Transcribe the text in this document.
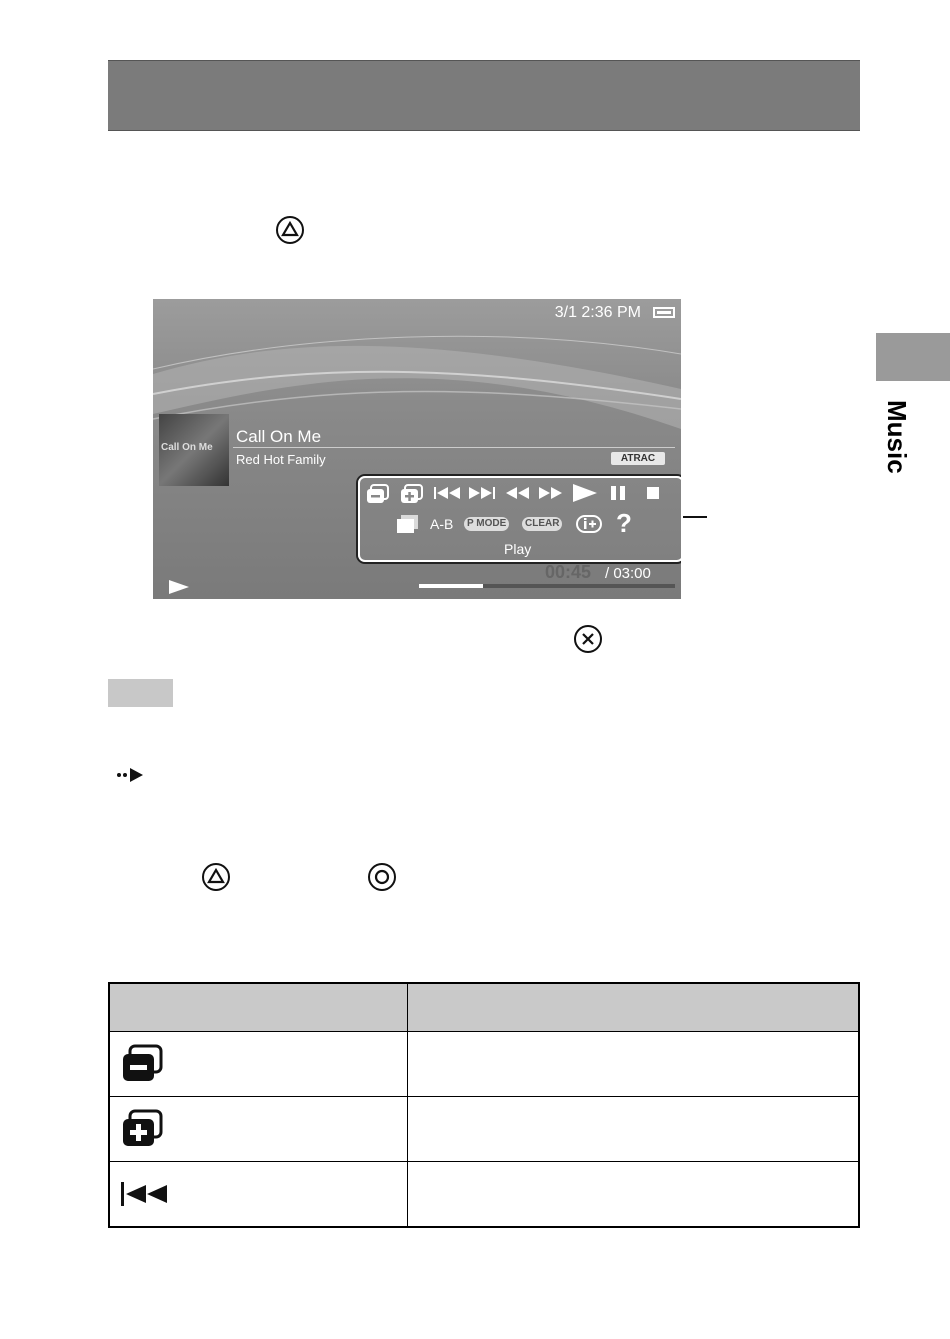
Music
3/1 2:36 PM
Call On Me
Call On Me
Red Hot Family	ATRAC
A-B	P MODE	CLEAR ?
Play
00:45 / 03:00
